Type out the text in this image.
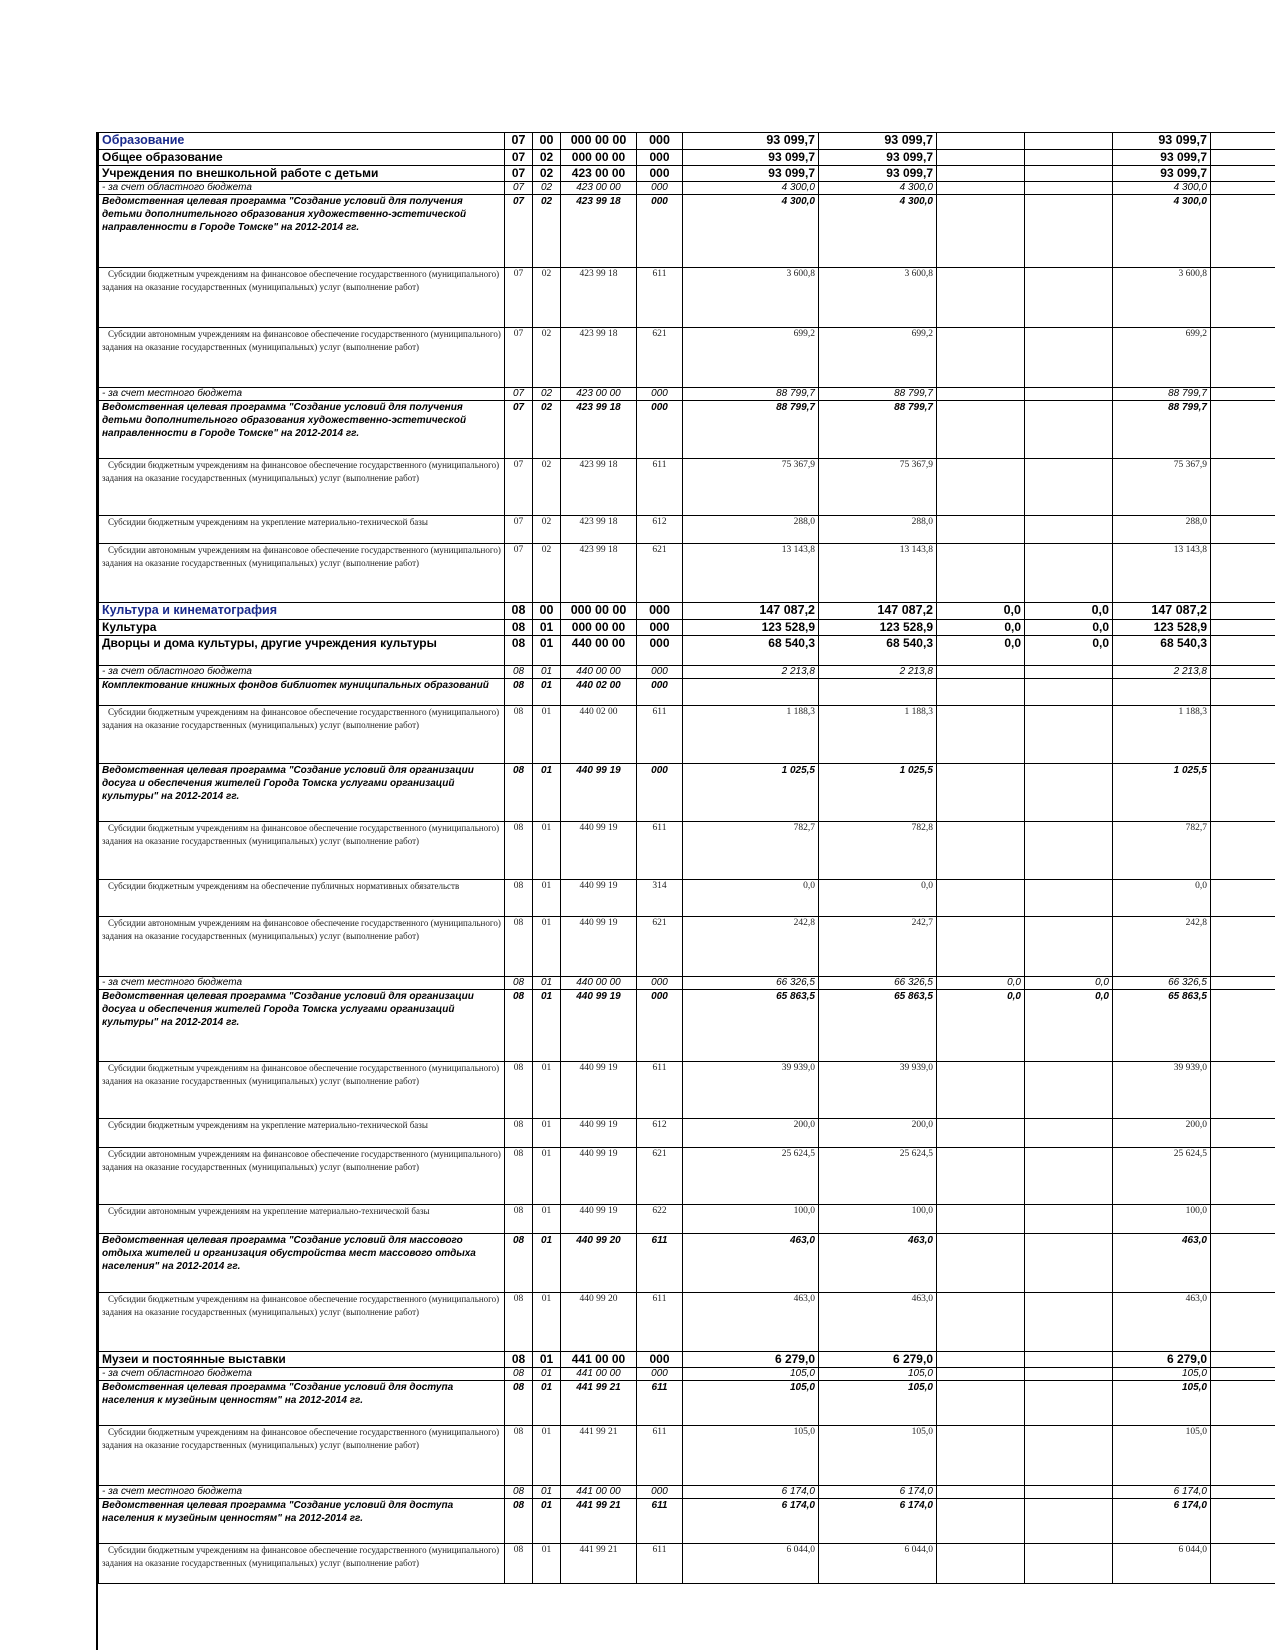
Образование	07	00	000 00 00	000	93 099,7	93 099,7			93 099,7	
Общее образование	07	02	000 00 00	000	93 099,7	93 099,7			93 099,7	
Учреждения по внешкольной работе с детьми	07	02	423 00 00	000	93 099,7	93 099,7			93 099,7	
- за счет областного бюджета	07	02	423 00 00	000	4 300,0	4 300,0			4 300,0	
Ведомственная целевая программа "Создание условий для получения детьми дополнительного образования художественно-эстетической направленности в Городе Томске" на 2012-2014 гг.	07	02	423 99 18	000	4 300,0	4 300,0			4 300,0	
Субсидии бюджетным учреждениям на финансовое обеспечение государственного (муниципального) задания на оказание государственных (муниципальных) услуг (выполнение работ)	07	02	423 99 18	611	3 600,8	3 600,8			3 600,8	
Субсидии автономным учреждениям на финансовое обеспечение государственного (муниципального) задания на оказание государственных (муниципальных) услуг (выполнение работ)	07	02	423 99 18	621	699,2	699,2			699,2	
- за счет местного бюджета	07	02	423 00 00	000	88 799,7	88 799,7			88 799,7	
Ведомственная целевая программа "Создание условий для получения детьми дополнительного образования художественно-эстетической направленности в Городе Томске" на 2012-2014 гг.	07	02	423 99 18	000	88 799,7	88 799,7			88 799,7	
Субсидии бюджетным учреждениям на финансовое обеспечение государственного (муниципального) задания на оказание государственных (муниципальных) услуг (выполнение работ)	07	02	423 99 18	611	75 367,9	75 367,9			75 367,9	
Субсидии бюджетным учреждениям на укрепление материально-технической базы	07	02	423 99 18	612	288,0	288,0			288,0	
Субсидии автономным учреждениям на финансовое обеспечение государственного (муниципального) задания на оказание государственных (муниципальных) услуг (выполнение работ)	07	02	423 99 18	621	13 143,8	13 143,8			13 143,8	
Культура и кинематография	08	00	000 00 00	000	147 087,2	147 087,2	0,0	0,0	147 087,2	
Культура	08	01	000 00 00	000	123 528,9	123 528,9	0,0	0,0	123 528,9	
Дворцы и дома культуры, другие учреждения культуры	08	01	440 00 00	000	68 540,3	68 540,3	0,0	0,0	68 540,3	
- за счет областного бюджета	08	01	440 00 00	000	2 213,8	2 213,8			2 213,8	
Комплектование книжных фондов библиотек муниципальных образований	08	01	440 02 00	000						
Субсидии бюджетным учреждениям на финансовое обеспечение государственного (муниципального) задания на оказание государственных (муниципальных) услуг (выполнение работ)	08	01	440 02 00	611	1 188,3	1 188,3			1 188,3	
Ведомственная целевая программа "Создание условий для организации досуга и обеспечения жителей Города Томска услугами организаций культуры" на 2012-2014 гг.	08	01	440 99 19	000	1 025,5	1 025,5			1 025,5	
Субсидии бюджетным учреждениям на финансовое обеспечение государственного (муниципального) задания на оказание государственных (муниципальных) услуг (выполнение работ)	08	01	440 99 19	611	782,7	782,8			782,7	
Субсидии бюджетным учреждениям на обеспечение публичных нормативных обязательств	08	01	440 99 19	314	0,0	0,0			0,0	
Субсидии автономным учреждениям на финансовое обеспечение государственного (муниципального) задания на оказание государственных (муниципальных) услуг (выполнение работ)	08	01	440 99 19	621	242,8	242,7			242,8	
- за счет местного бюджета	08	01	440 00 00	000	66 326,5	66 326,5	0,0	0,0	66 326,5	
Ведомственная целевая программа "Создание условий для организации досуга и обеспечения жителей Города Томска услугами организаций культуры" на 2012-2014 гг.	08	01	440 99 19	000	65 863,5	65 863,5	0,0	0,0	65 863,5	
Субсидии бюджетным учреждениям на финансовое обеспечение государственного (муниципального) задания на оказание государственных (муниципальных) услуг (выполнение работ)	08	01	440 99 19	611	39 939,0	39 939,0			39 939,0	
Субсидии бюджетным учреждениям на укрепление материально-технической базы	08	01	440 99 19	612	200,0	200,0			200,0	
Субсидии автономным учреждениям на финансовое обеспечение государственного (муниципального) задания на оказание государственных (муниципальных) услуг (выполнение работ)	08	01	440 99 19	621	25 624,5	25 624,5			25 624,5	
Субсидии автономным учреждениям на укрепление материально-технической базы	08	01	440 99 19	622	100,0	100,0			100,0	
Ведомственная целевая программа "Создание условий для массового отдыха жителей и организация обустройства мест массового отдыха населения" на 2012-2014 гг.	08	01	440 99 20	611	463,0	463,0			463,0	
Субсидии бюджетным учреждениям на финансовое обеспечение государственного (муниципального) задания на оказание государственных (муниципальных) услуг (выполнение работ)	08	01	440 99 20	611	463,0	463,0			463,0	
Музеи и постоянные выставки	08	01	441 00 00	000	6 279,0	6 279,0			6 279,0	
- за счет областного бюджета	08	01	441 00 00	000	105,0	105,0			105,0	
Ведомственная целевая программа "Создание условий для доступа населения к музейным ценностям" на 2012-2014 гг.	08	01	441 99 21	611	105,0	105,0			105,0	
Субсидии бюджетным учреждениям на финансовое обеспечение государственного (муниципального) задания на оказание государственных (муниципальных) услуг (выполнение работ)	08	01	441 99 21	611	105,0	105,0			105,0	
- за счет местного бюджета	08	01	441 00 00	000	6 174,0	6 174,0			6 174,0	
Ведомственная целевая программа "Создание условий для доступа населения к музейным ценностям" на 2012-2014 гг.	08	01	441 99 21	611	6 174,0	6 174,0			6 174,0	
Субсидии бюджетным учреждениям на финансовое обеспечение государственного (муниципального) задания на оказание государственных (муниципальных) услуг (выполнение работ)	08	01	441 99 21	611	6 044,0	6 044,0			6 044,0	
